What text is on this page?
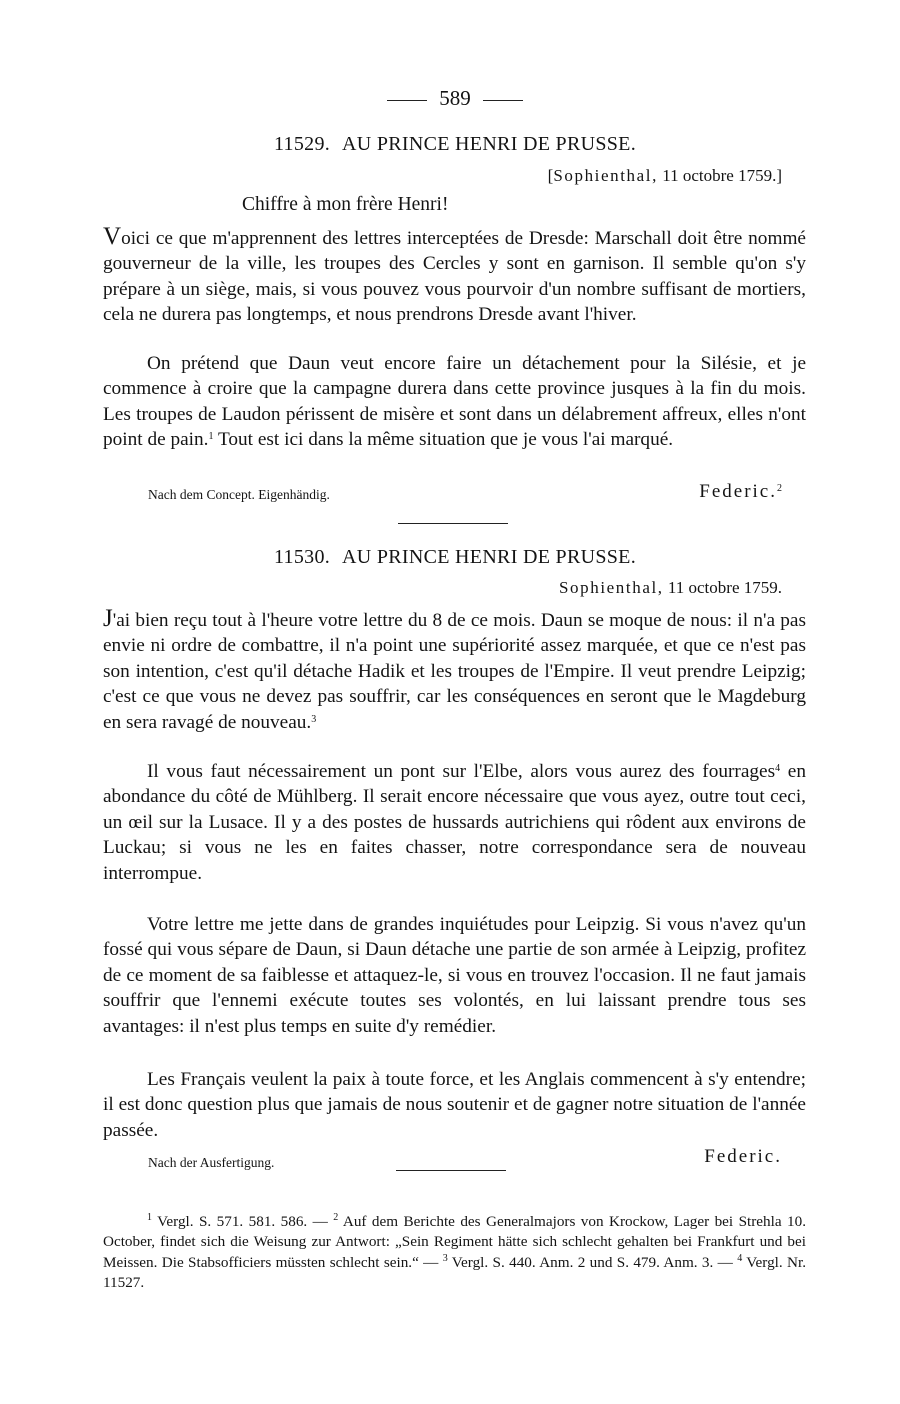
589
11529. AU PRINCE HENRI DE PRUSSE.
[Sophienthal, 11 octobre 1759.]
Chiffre à mon frère Henri!

Voici ce que m'apprennent des lettres interceptées de Dresde: Marschall doit être nommé gouverneur de la ville, les troupes des Cercles y sont en garnison. Il semble qu'on s'y prépare à un siège, mais, si vous pouvez vous pourvoir d'un nombre suffisant de mortiers, cela ne durera pas longtemps, et nous prendrons Dresde avant l'hiver.

On prétend que Daun veut encore faire un détachement pour la Silésie, et je commence à croire que la campagne durera dans cette province jusques à la fin du mois. Les troupes de Laudon périssent de misère et sont dans un délabrement affreux, elles n'ont point de pain.$^1$ Tout est ici dans la même situation que je vous l'ai marqué.

Nach dem Concept. Eigenhändig.	Federic.$^2$
11530. AU PRINCE HENRI DE PRUSSE.
Sophienthal, 11 octobre 1759.

J'ai bien reçu tout à l'heure votre lettre du 8 de ce mois. Daun se moque de nous: il n'a pas envie ni ordre de combattre, il n'a point une supériorité assez marquée, et que ce n'est pas son intention, c'est qu'il détache Hadik et les troupes de l'Empire. Il veut prendre Leipzig; c'est ce que vous ne devez pas souffrir, car les conséquences en seront que le Magdeburg en sera ravagé de nouveau.$^3$

Il vous faut nécessairement un pont sur l'Elbe, alors vous aurez des fourrages$^4$ en abondance du côté de Mühlberg. Il serait encore nécessaire que vous ayez, outre tout ceci, un œil sur la Lusace. Il y a des postes de hussards autrichiens qui rôdent aux environs de Luckau; si vous ne les en faites chasser, notre correspondance sera de nouveau interrompue.

Votre lettre me jette dans de grandes inquiétudes pour Leipzig. Si vous n'avez qu'un fossé qui vous sépare de Daun, si Daun détache une partie de son armée à Leipzig, profitez de ce moment de sa faiblesse et attaquez-le, si vous en trouvez l'occasion. Il ne faut jamais souffrir que l'ennemi exécute toutes ses volontés, en lui laissant prendre tous ses avantages: il n'est plus temps en suite d'y remédier.

Les Français veulent la paix à toute force, et les Anglais commencent à s'y entendre; il est donc question plus que jamais de nous soutenir et de gagner notre situation de l'année passée.

Nach der Ausfertigung.	Federic.

$^1$ Vergl. S. 571. 581. 586. — $^2$ Auf dem Berichte des Generalmajors von Krockow, Lager bei Strehla 10. October, findet sich die Weisung zur Antwort: „Sein Regiment hätte sich schlecht gehalten bei Frankfurt und bei Meissen. Die Stabsofficiers müssten schlecht sein.“ — $^3$ Vergl. S. 440. Anm. 2 und S. 479. Anm. 3. — $^4$ Vergl. Nr. 11527.
